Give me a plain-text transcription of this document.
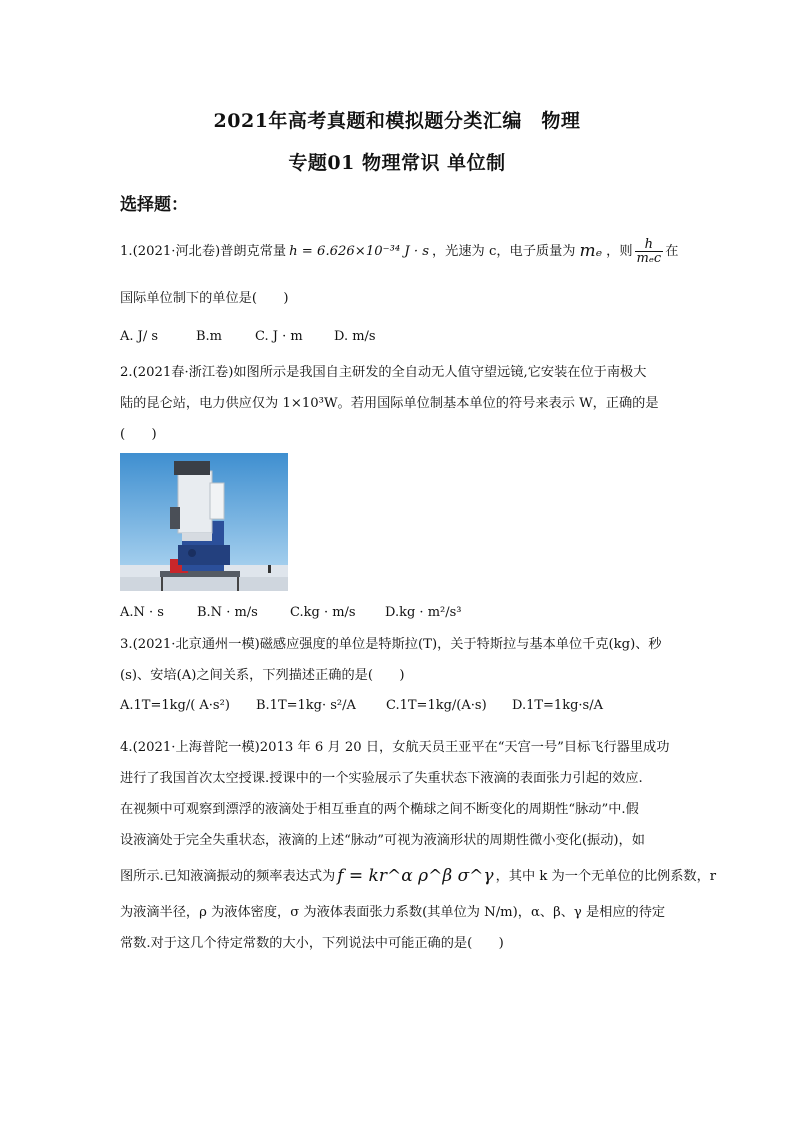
2021年高考真题和模拟题分类汇编　物理
专题01 物理常识 单位制
选择题：
1.(2021·河北卷)普朗克常量 h = 6.626×10⁻³⁴ J · s ，光速为 c，电子质量为 mₑ ，则 $\frac{h}{\text{mₑc}}$ 在
国际单位制下的单位是(　　)
A. J/ s	B.m	C. J · m D. m/s
2.(2021春·浙江卷)如图所示是我国自主研发的全自动无人值守望远镜,它安装在位于南极大
陆的昆仑站，电力供应仅为 1×10³W。若用国际单位制基本单位的符号来表示 W，正确的是
(　　)
A.N · s	B.N · m/s C.kg · m/s D.kg · m²/s³
3.(2021·北京通州一模)磁感应强度的单位是特斯拉(T)，关于特斯拉与基本单位千克(kg)、秒
(s)、安培(A)之间关系，下列描述正确的是(　　)
A.1T=1kg/( A·s²) B.1T=1kg· s²/A C.1T=1kg/(A·s) D.1T=1kg·s/A
4.(2021·上海普陀一模)2013 年 6 月 20 日，女航天员王亚平在“天宫一号”目标飞行器里成功
进行了我国首次太空授课.授课中的一个实验展示了失重状态下液滴的表面张力引起的效应.
在视频中可观察到漂浮的液滴处于相互垂直的两个椭球之间不断变化的周期性“脉动”中.假
设液滴处于完全失重状态，液滴的上述“脉动”可视为液滴形状的周期性微小变化(振动)，如
图所示.已知液滴振动的频率表达式为 f = kr^α ρ^β σ^γ ，其中 k 为一个无单位的比例系数，r
为液滴半径，ρ 为液体密度，σ 为液体表面张力系数(其单位为 N/m)，α、β、γ 是相应的待定
常数.对于这几个待定常数的大小，下列说法中可能正确的是(　　)
